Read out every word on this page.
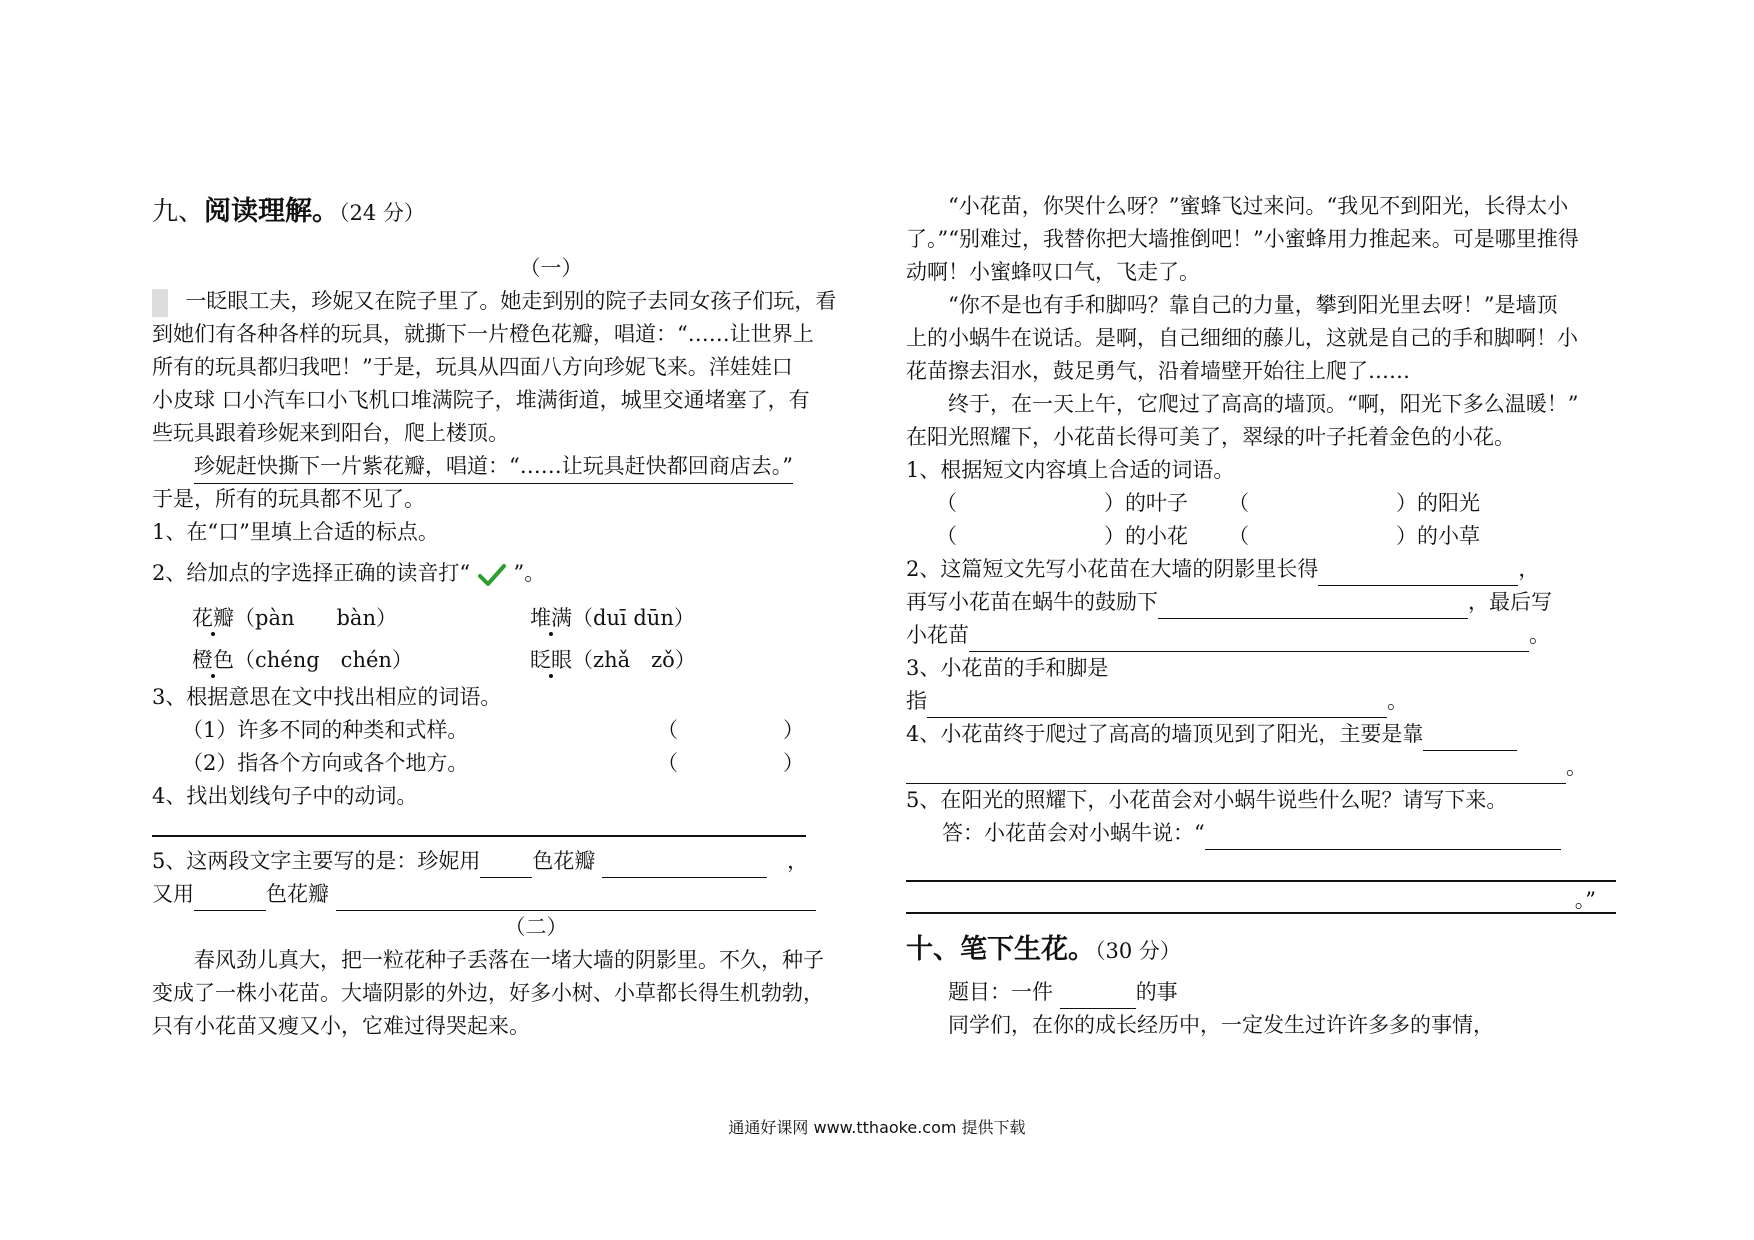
九、阅读理解。（24 分）
（一）
一眨眼工夫，珍妮又在院子里了。她走到别的院子去同女孩子们玩，看
到她们有各种各样的玩具，就撕下一片橙色花瓣，唱道：“……让世界上
所有的玩具都归我吧！”于是，玩具从四面八方向珍妮飞来。洋娃娃口
小皮球 口小汽车口小飞机口堆满院子，堆满街道，城里交通堵塞了，有
些玩具跟着珍妮来到阳台，爬上楼顶。
珍妮赶快撕下一片紫花瓣，唱道：“……让玩具赶快都回商店去。”
于是，所有的玩具都不见了。
1、在“口”里填上合适的标点。
2、给加点的字选择正确的读音打“ ”。
花瓣（pàn　　bàn）	堆满（duī dūn）
橙色（chéng　chén）	眨眼（zhǎ　zǒ）
3、根据意思在文中找出相应的词语。
（1）许多不同的种类和式样。	（　　　　　）
（2）指各个方向或各个地方。	（　　　　　）
4、找出划线句子中的动词。
5、这两段文字主要写的是：珍妮用 色花瓣	，
又用	色花瓣
（二）
春风劲儿真大，把一粒花种子丢落在一堵大墙的阴影里。不久，种子
变成了一株小花苗。大墙阴影的外边，好多小树、小草都长得生机勃勃，
只有小花苗又瘦又小，它难过得哭起来。
“小花苗，你哭什么呀？”蜜蜂飞过来问。“我见不到阳光，长得太小
了。”“别难过，我替你把大墙推倒吧！”小蜜蜂用力推起来。可是哪里推得
动啊！小蜜蜂叹口气，飞走了。
“你不是也有手和脚吗？靠自己的力量，攀到阳光里去呀！”是墙顶
上的小蜗牛在说话。是啊，自己细细的藤儿，这就是自己的手和脚啊！小
花苗擦去泪水，鼓足勇气，沿着墙壁开始往上爬了……
终于，在一天上午，它爬过了高高的墙顶。“啊，阳光下多么温暖！”
在阳光照耀下，小花苗长得可美了，翠绿的叶子托着金色的小花。
1、根据短文内容填上合适的词语。
（　　　　　　　）的叶子 （　　　　　　　）的阳光
（　　　　　　　）的小花 （　　　　　　　）的小草
2、这篇短文先写小花苗在大墙的阴影里长得	，
再写小花苗在蜗牛的鼓励下	，最后写
小花苗	。
3、小花苗的手和脚是
指	。
4、小花苗终于爬过了高高的墙顶见到了阳光，主要是靠
。
5、在阳光的照耀下，小花苗会对小蜗牛说些什么呢？请写下来。
答：小花苗会对小蜗牛说：“
。”
十、笔下生花。（30 分）
题目：一件	的事
同学们，在你的成长经历中，一定发生过许许多多的事情，
通通好课网 www.tthaoke.com 提供下载
